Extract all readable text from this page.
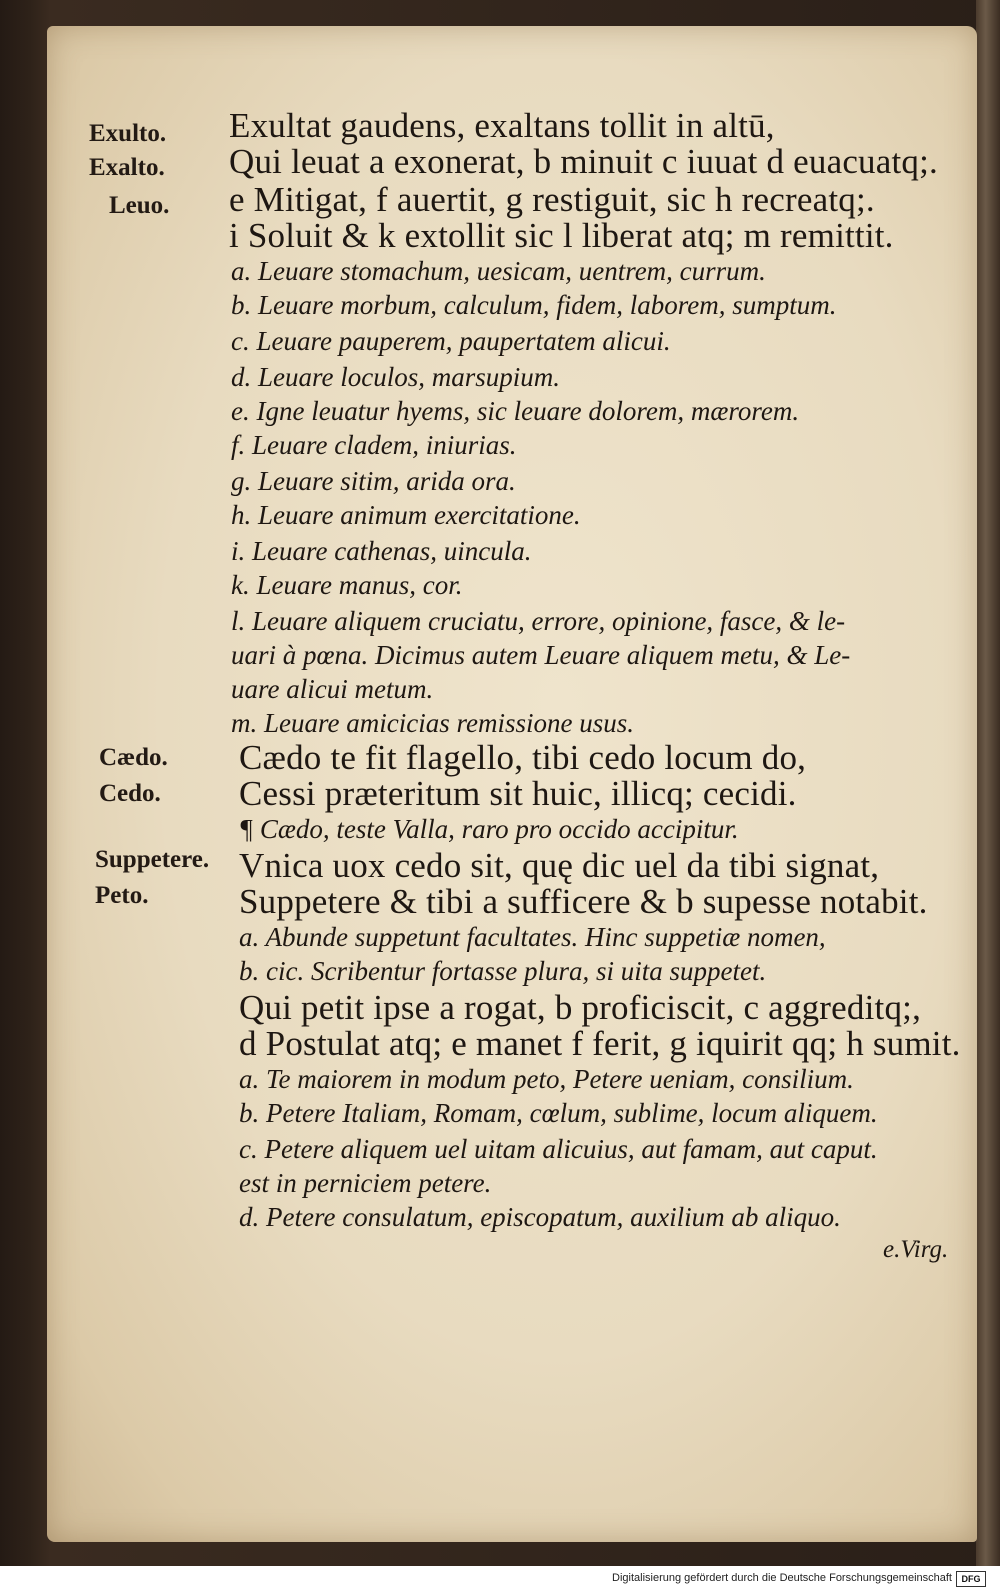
Exulto.
Exalto.
Leuo.
Cædo.
Cedo.
Suppetere.
Peto.
Exultat gaudens, exaltans tollit in altū,
Qui leuat a exonerat, b minuit c iuuat d euacuatq;.
e Mitigat, f auertit, g restiguit, sic h recreatq;.
i Soluit & k extollit sic l liberat atq; m remittit.
a. Leuare stomachum, uesicam, uentrem, currum.
b. Leuare morbum, calculum, fidem, laborem, sumptum.
c. Leuare pauperem, paupertatem alicui.
d. Leuare loculos, marsupium.
e. Igne leuatur hyems, sic leuare dolorem, mærorem.
f. Leuare cladem, iniurias.
g. Leuare sitim, arida ora.
h. Leuare animum exercitatione.
i. Leuare cathenas, uincula.
k. Leuare manus, cor.
l. Leuare aliquem cruciatu, errore, opinione, fasce, & le-
uari à pœna. Dicimus autem Leuare aliquem metu, & Le-
uare alicui metum.
m. Leuare amicicias remissione usus.
Cædo te fit flagello, tibi cedo locum do,
Cessi præteritum sit huic, illicq; cecidi.
¶ Cædo, teste Valla, raro pro occido accipitur.
Vnica uox cedo sit, quę dic uel da tibi signat,
Suppetere & tibi a sufficere & b supesse notabit.
a. Abunde suppetunt facultates. Hinc suppetiæ nomen,
b. cic. Scribentur fortasse plura, si uita suppetet.
Qui petit ipse a rogat, b proficiscit, c aggreditq;,
d Postulat atq; e manet f ferit, g iquirit qq; h sumit.
a. Te maiorem in modum peto, Petere ueniam, consilium.
b. Petere Italiam, Romam, cœlum, sublime, locum aliquem.
c. Petere aliquem uel uitam alicuius, aut famam, aut caput.
est in perniciem petere.
d. Petere consulatum, episcopatum, auxilium ab aliquo.
e.Virg.
Digitalisierung gefördert durch die Deutsche Forschungsgemeinschaft	DFG
